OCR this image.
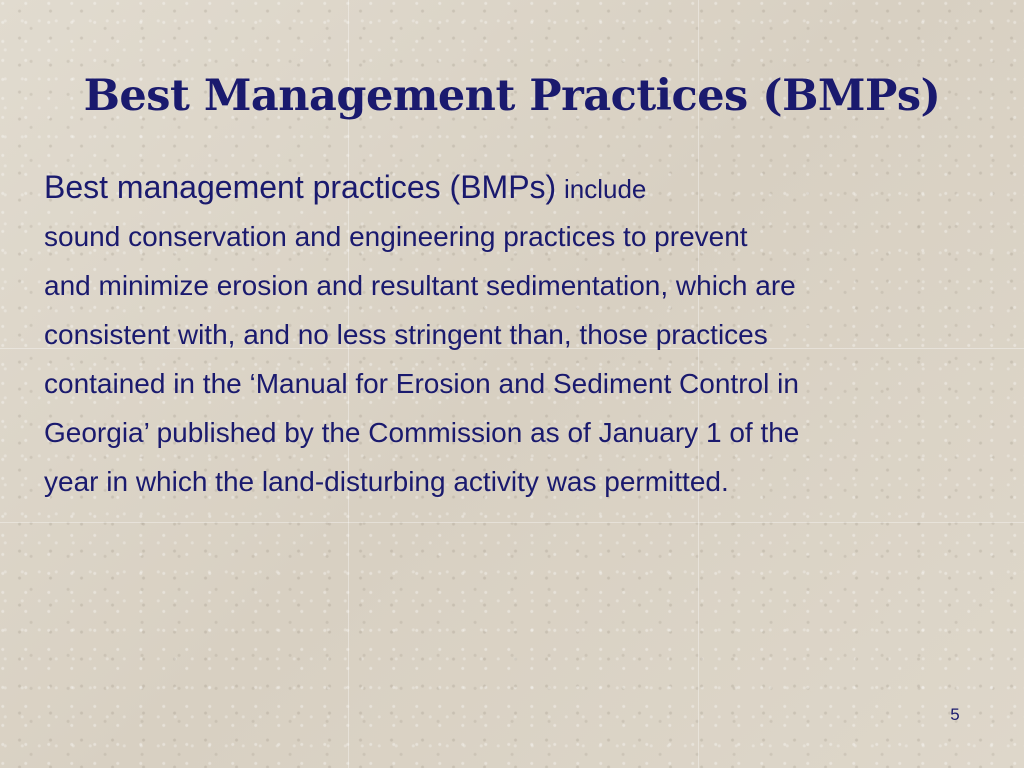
Best Management Practices (BMPs)
Best management practices (BMPs) include
sound conservation and engineering practices to prevent
and minimize erosion and resultant sedimentation, which are
consistent with, and no less stringent than, those practices
contained in the ‘Manual for Erosion and Sediment Control in
Georgia’ published by the Commission as of January 1 of the
year in which the land-disturbing activity was permitted.
5
